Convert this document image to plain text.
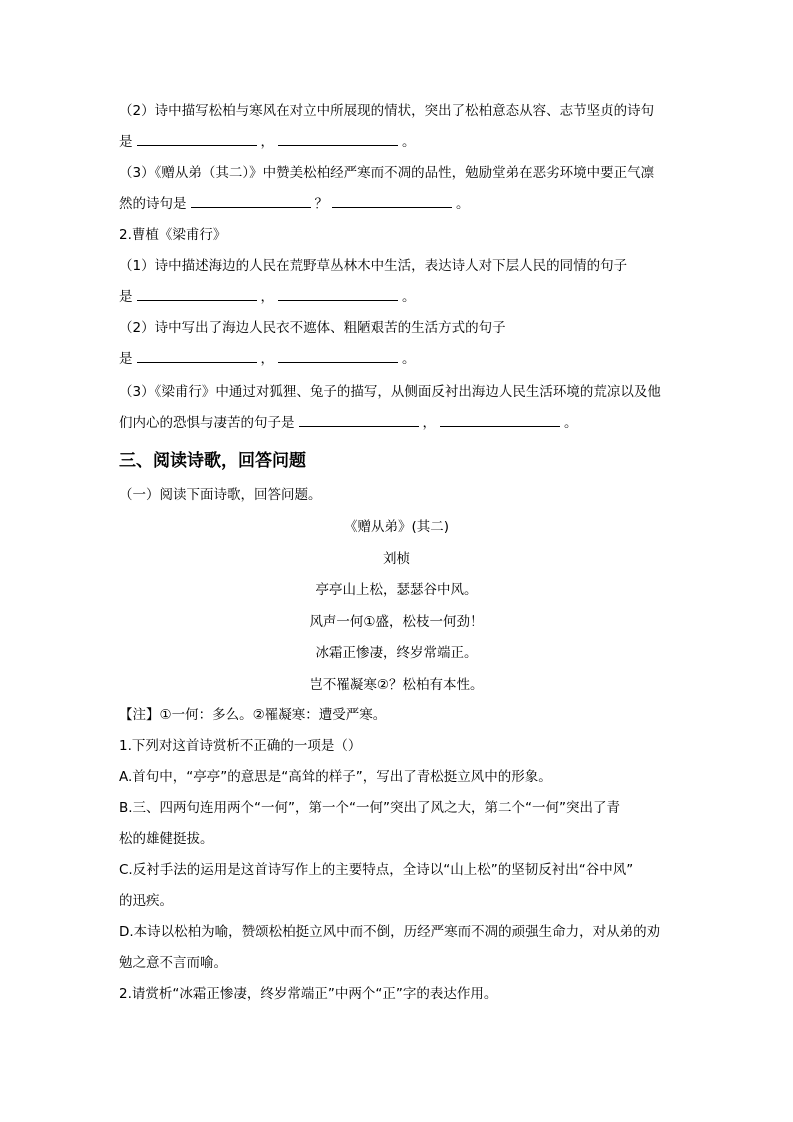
（2）诗中描写松柏与寒风在对立中所展现的情状，突出了松柏意态从容、志节坚贞的诗句
是	，	。
（3）《赠从弟（其二）》中赞美松柏经严寒而不凋的品性，勉励堂弟在恶劣环境中要正气凛
然的诗句是	？	。
2.曹植《梁甫行》
（1）诗中描述海边的人民在荒野草丛林木中生活，表达诗人对下层人民的同情的句子
是	，	。
（2）诗中写出了海边人民衣不遮体、粗陋艰苦的生活方式的句子
是	，	。
（3）《梁甫行》中通过对狐狸、兔子的描写，从侧面反衬出海边人民生活环境的荒凉以及他
们内心的恐惧与凄苦的句子是	，	。
三、阅读诗歌，回答问题
（一）阅读下面诗歌，回答问题。
《赠从弟》(其二)
刘桢
亭亭山上松，瑟瑟谷中风。
风声一何①盛，松枝一何劲！
冰霜正惨凄，终岁常端正。
岂不罹凝寒②？松柏有本性。
【注】①一何：多么。②罹凝寒：遭受严寒。
1.下列对这首诗赏析不正确的一项是（）
A.首句中，“亭亭”的意思是“高耸的样子”，写出了青松挺立风中的形象。
B.三、四两句连用两个“一何”，第一个“一何”突出了风之大，第二个“一何”突出了青
松的雄健挺拔。
C.反衬手法的运用是这首诗写作上的主要特点，全诗以“山上松”的坚韧反衬出“谷中风”
的迅疾。
D.本诗以松柏为喻，赞颂松柏挺立风中而不倒，历经严寒而不凋的顽强生命力，对从弟的劝
勉之意不言而喻。
2.请赏析“冰霜正惨凄，终岁常端正”中两个“正”字的表达作用。
